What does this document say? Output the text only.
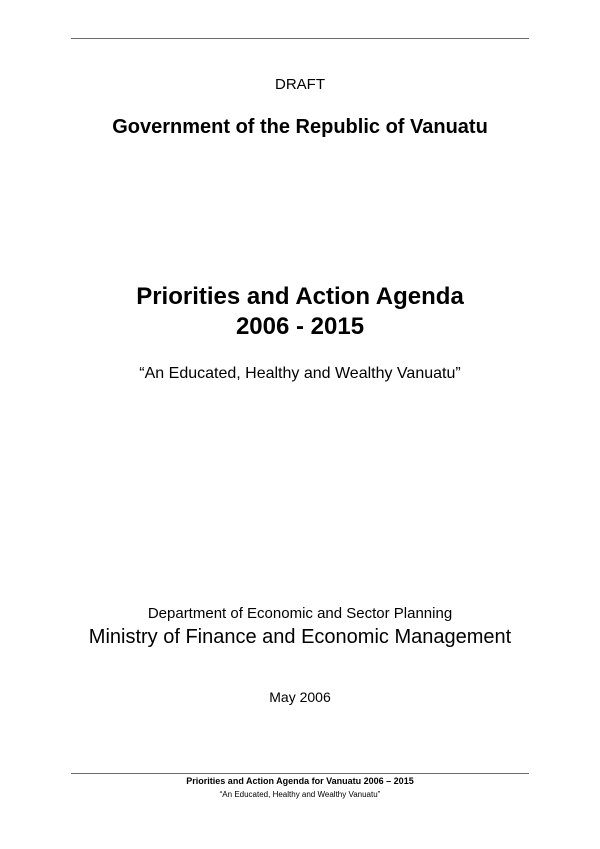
DRAFT
Government of the Republic of Vanuatu
Priorities and Action Agenda
2006 - 2015
“An Educated, Healthy and Wealthy Vanuatu”
Department of Economic and Sector Planning
Ministry of Finance and Economic Management
May 2006
Priorities and Action Agenda for Vanuatu 2006 – 2015
“An Educated, Healthy and Wealthy Vanuatu”
